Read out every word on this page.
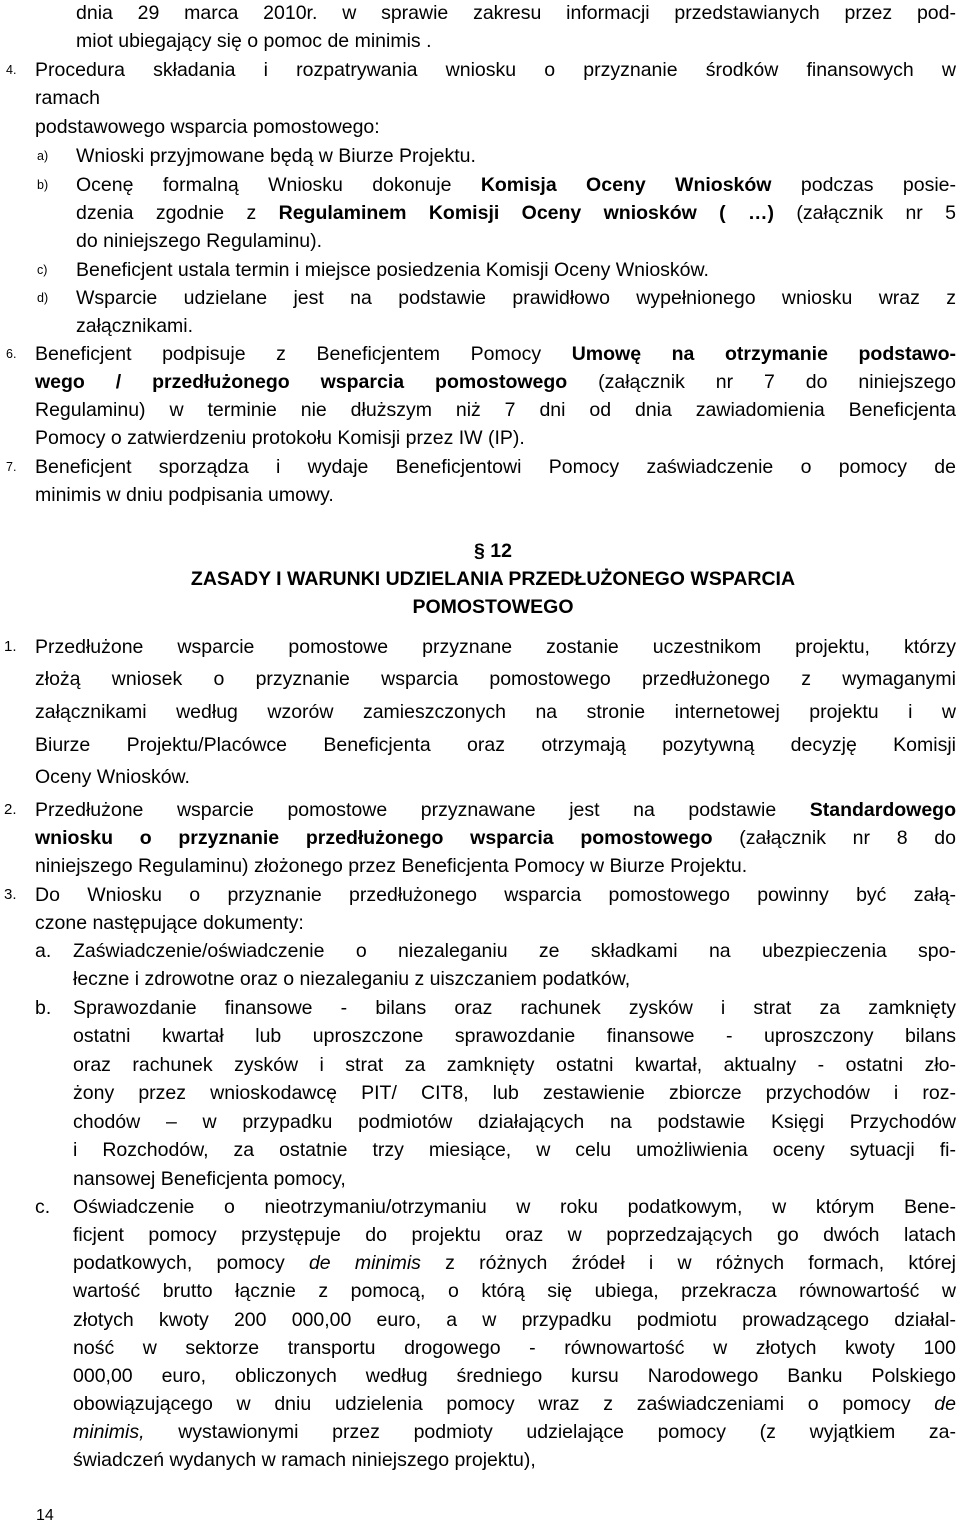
dnia 29 marca 2010r. w sprawie zakresu informacji przedstawianych przez pod-
miot ubiegający się o pomoc de minimis .
4. Procedura składania i rozpatrywania wniosku o przyznanie środków finansowych w
ramach
podstawowego wsparcia pomostowego:
a) Wnioski przyjmowane będą w Biurze Projektu.
b) Ocenę formalną Wniosku dokonuje Komisja Oceny Wniosków podczas posie-
dzenia zgodnie z Regulaminem Komisji Oceny wniosków ( …) (załącznik nr 5
do niniejszego Regulaminu).
c) Beneficjent ustala termin i miejsce posiedzenia Komisji Oceny Wniosków.
d) Wsparcie udzielane jest na podstawie prawidłowo wypełnionego wniosku wraz z
załącznikami.
6. Beneficjent podpisuje z Beneficjentem Pomocy Umowę na otrzymanie podstawo-
wego / przedłużonego wsparcia pomostowego (załącznik nr 7 do niniejszego
Regulaminu) w terminie nie dłuższym niż 7 dni od dnia zawiadomienia Beneficjenta
Pomocy o zatwierdzeniu protokołu Komisji przez IW (IP).
7. Beneficjent sporządza i wydaje Beneficjentowi Pomocy zaświadczenie o pomocy de
minimis w dniu podpisania umowy.
§ 12
ZASADY I WARUNKI UDZIELANIA PRZEDŁUŻONEGO WSPARCIA
POMOSTOWEGO
1. Przedłużone wsparcie pomostowe przyznane zostanie uczestnikom projektu, którzy
złożą wniosek o przyznanie wsparcia pomostowego przedłużonego z wymaganymi
załącznikami według wzorów zamieszczonych na stronie internetowej projektu i w
Biurze Projektu/Placówce Beneficjenta oraz otrzymają pozytywną decyzję Komisji
Oceny Wniosków.
2. Przedłużone wsparcie pomostowe przyznawane jest na podstawie Standardowego
wniosku o przyznanie przedłużonego wsparcia pomostowego (załącznik nr 8 do
niniejszego Regulaminu) złożonego przez Beneficjenta Pomocy w Biurze Projektu.
3. Do Wniosku o przyznanie przedłużonego wsparcia pomostowego powinny być załą-
czone następujące dokumenty:
a. Zaświadczenie/oświadczenie o niezaleganiu ze składkami na ubezpieczenia spo-
łeczne i zdrowotne oraz o niezaleganiu z uiszczaniem podatków,
b. Sprawozdanie finansowe - bilans oraz rachunek zysków i strat za zamknięty
ostatni kwartał lub uproszczone sprawozdanie finansowe - uproszczony bilans
oraz rachunek zysków i strat za zamknięty ostatni kwartał, aktualny - ostatni zło-
żony przez wnioskodawcę PIT/ CIT8, lub zestawienie zbiorcze przychodów i roz-
chodów – w przypadku podmiotów działających na podstawie Księgi Przychodów
i Rozchodów, za ostatnie trzy miesiące, w celu umożliwienia oceny sytuacji fi-
nansowej Beneficjenta pomocy,
c. Oświadczenie o nieotrzymaniu/otrzymaniu w roku podatkowym, w którym Bene-
ficjent pomocy przystępuje do projektu oraz w poprzedzających go dwóch latach
podatkowych, pomocy de minimis z różnych źródeł i w różnych formach, której
wartość brutto łącznie z pomocą, o którą się ubiega, przekracza równowartość w
złotych kwoty 200 000,00 euro, a w przypadku podmiotu prowadzącego działal-
ność w sektorze transportu drogowego - równowartość w złotych kwoty 100
000,00 euro, obliczonych według średniego kursu Narodowego Banku Polskiego
obowiązującego w dniu udzielenia pomocy wraz z zaświadczeniami o pomocy de
minimis, wystawionymi przez podmioty udzielające pomocy (z wyjątkiem za-
świadczeń wydanych w ramach niniejszego projektu),
14
